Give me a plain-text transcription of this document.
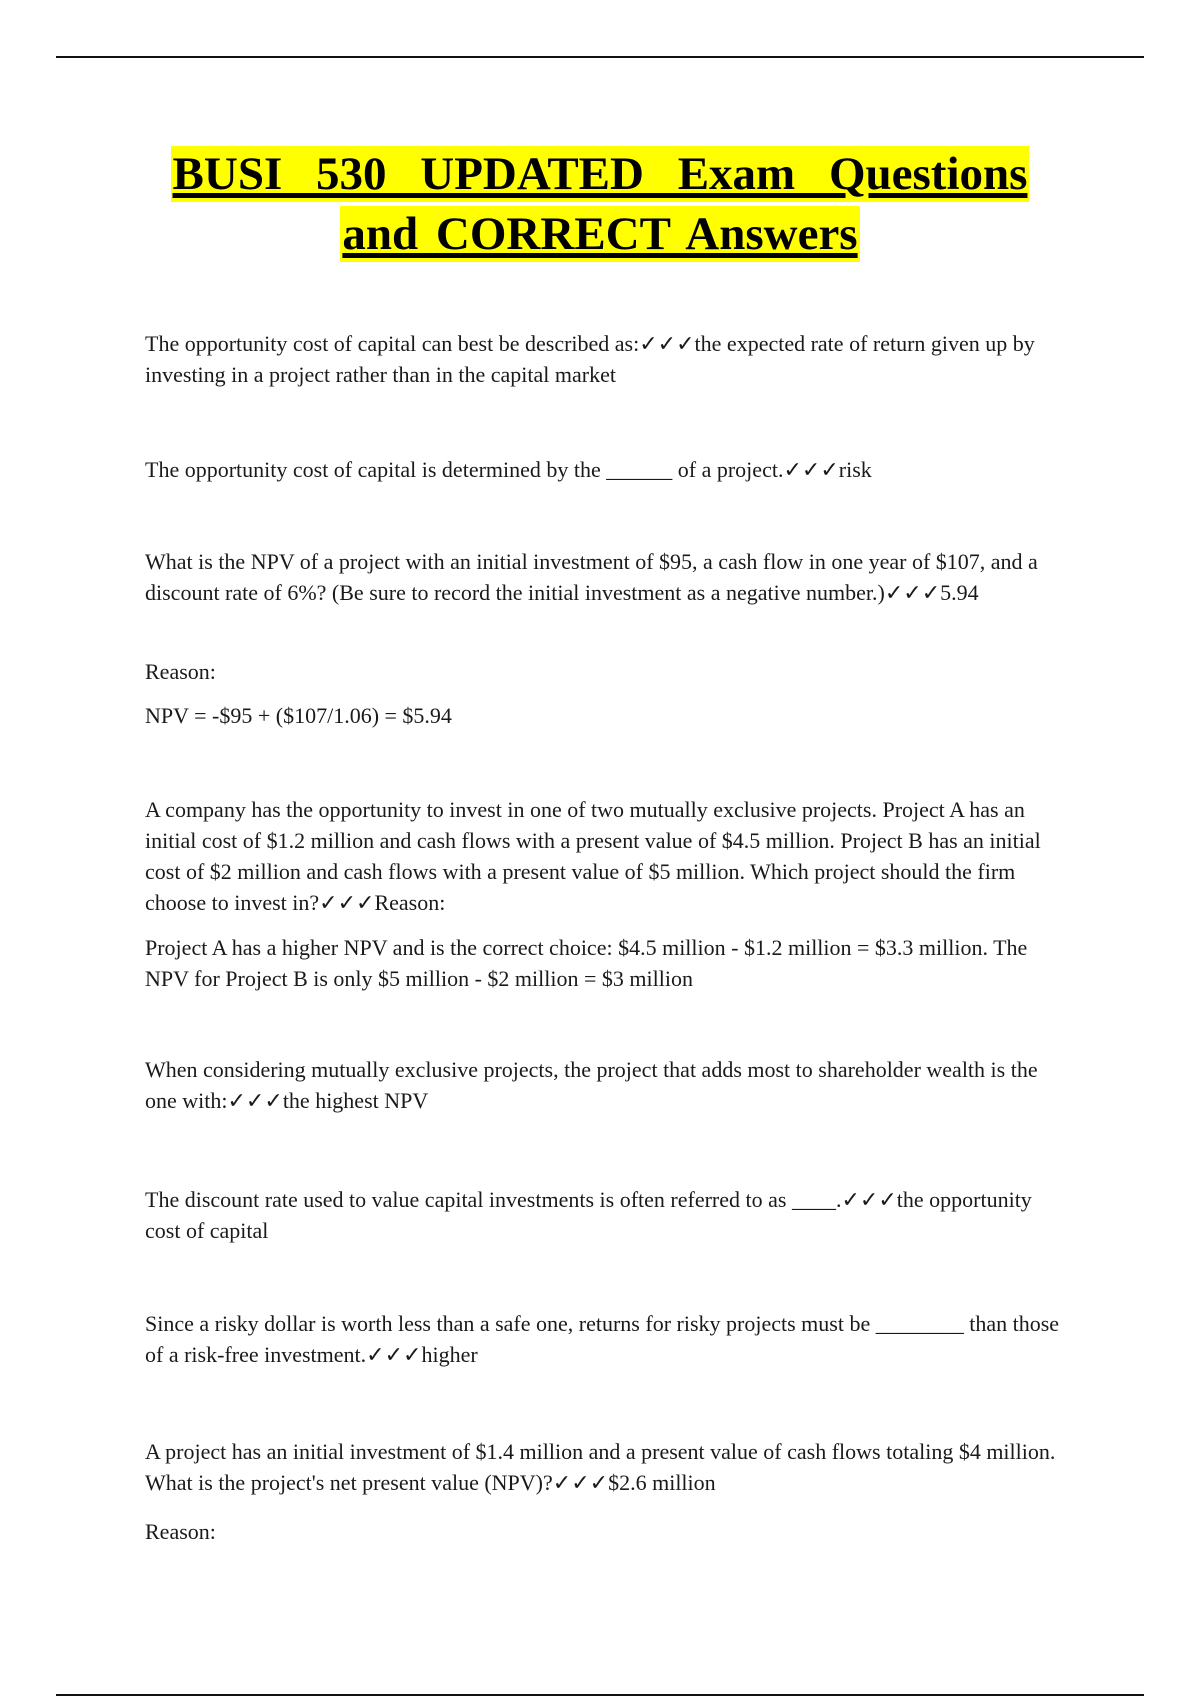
BUSI 530 UPDATED Exam Questions
and CORRECT Answers

The opportunity cost of capital can best be described as:✓✓✓the expected rate of return given up by investing in a project rather than in the capital market

The opportunity cost of capital is determined by the ______ of a project.✓✓✓risk

What is the NPV of a project with an initial investment of $95, a cash flow in one year of $107, and a discount rate of 6%? (Be sure to record the initial investment as a negative number.)✓✓✓5.94

Reason:

NPV = -$95 + ($107/1.06) = $5.94

A company has the opportunity to invest in one of two mutually exclusive projects. Project A has an initial cost of $1.2 million and cash flows with a present value of $4.5 million. Project B has an initial cost of $2 million and cash flows with a present value of $5 million. Which project should the firm choose to invest in?✓✓✓Reason:

Project A has a higher NPV and is the correct choice: $4.5 million - $1.2 million = $3.3 million. The NPV for Project B is only $5 million - $2 million = $3 million

When considering mutually exclusive projects, the project that adds most to shareholder wealth is the one with:✓✓✓the highest NPV

The discount rate used to value capital investments is often referred to as ____.✓✓✓the opportunity cost of capital

Since a risky dollar is worth less than a safe one, returns for risky projects must be ________ than those of a risk-free investment.✓✓✓higher

A project has an initial investment of $1.4 million and a present value of cash flows totaling $4 million. What is the project's net present value (NPV)?✓✓✓$2.6 million

Reason:
